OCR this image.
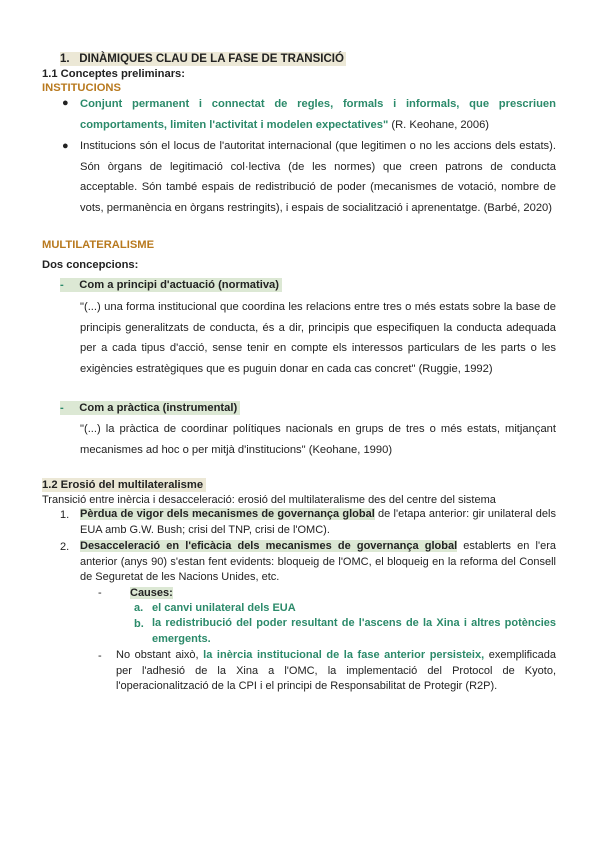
1. DINÀMIQUES CLAU DE LA FASE DE TRANSICIÓ
1.1 Conceptes preliminars:
INSTITUCIONS
● Conjunt permanent i connectat de regles, formals i informals, que prescriuen comportaments, limiten l'activitat i modelen expectatives" (R. Keohane, 2006)
● Institucions són el locus de l'autoritat internacional (que legitimen o no les accions dels estats). Són òrgans de legitimació col·lectiva (de les normes) que creen patrons de conducta acceptable. Són també espais de redistribució de poder (mecanismes de votació, nombre de vots, permanència en òrgans restringits), i espais de socialització i aprenentatge. (Barbé, 2020)
MULTILATERALISME
Dos concepcions:
- Com a principi d'actuació (normativa)
"(...) una forma institucional que coordina les relacions entre tres o més estats sobre la base de principis generalitzats de conducta, és a dir, principis que especifiquen la conducta adequada per a cada tipus d'acció, sense tenir en compte els interessos particulars de les parts o les exigències estratègiques que es puguin donar en cada cas concret" (Ruggie, 1992)
- Com a pràctica (instrumental)
"(...) la pràctica de coordinar polítiques nacionals en grups de tres o més estats, mitjançant mecanismes ad hoc o per mitjà d'institucions" (Keohane, 1990)
1.2 Erosió del multilateralisme
Transició entre inèrcia i desacceleració: erosió del multilateralisme des del centre del sistema
1. Pèrdua de vigor dels mecanismes de governança global de l'etapa anterior: gir unilateral dels EUA amb G.W. Bush; crisi del TNP, crisi de l'OMC).
2. Desacceleració en l'eficàcia dels mecanismes de governança global establerts en l'era anterior (anys 90) s'estan fent evidents: bloqueig de l'OMC, el bloqueig en la reforma del Consell de Seguretat de les Nacions Unides, etc.
-	Causes:
a. el canvi unilateral dels EUA
b. la redistribució del poder resultant de l'ascens de la Xina i altres potències emergents.
- No obstant això, la inèrcia institucional de la fase anterior persisteix, exemplificada per l'adhesió de la Xina a l'OMC, la implementació del Protocol de Kyoto, l'operacionalització de la CPI i el principi de Responsabilitat de Protegir (R2P).
